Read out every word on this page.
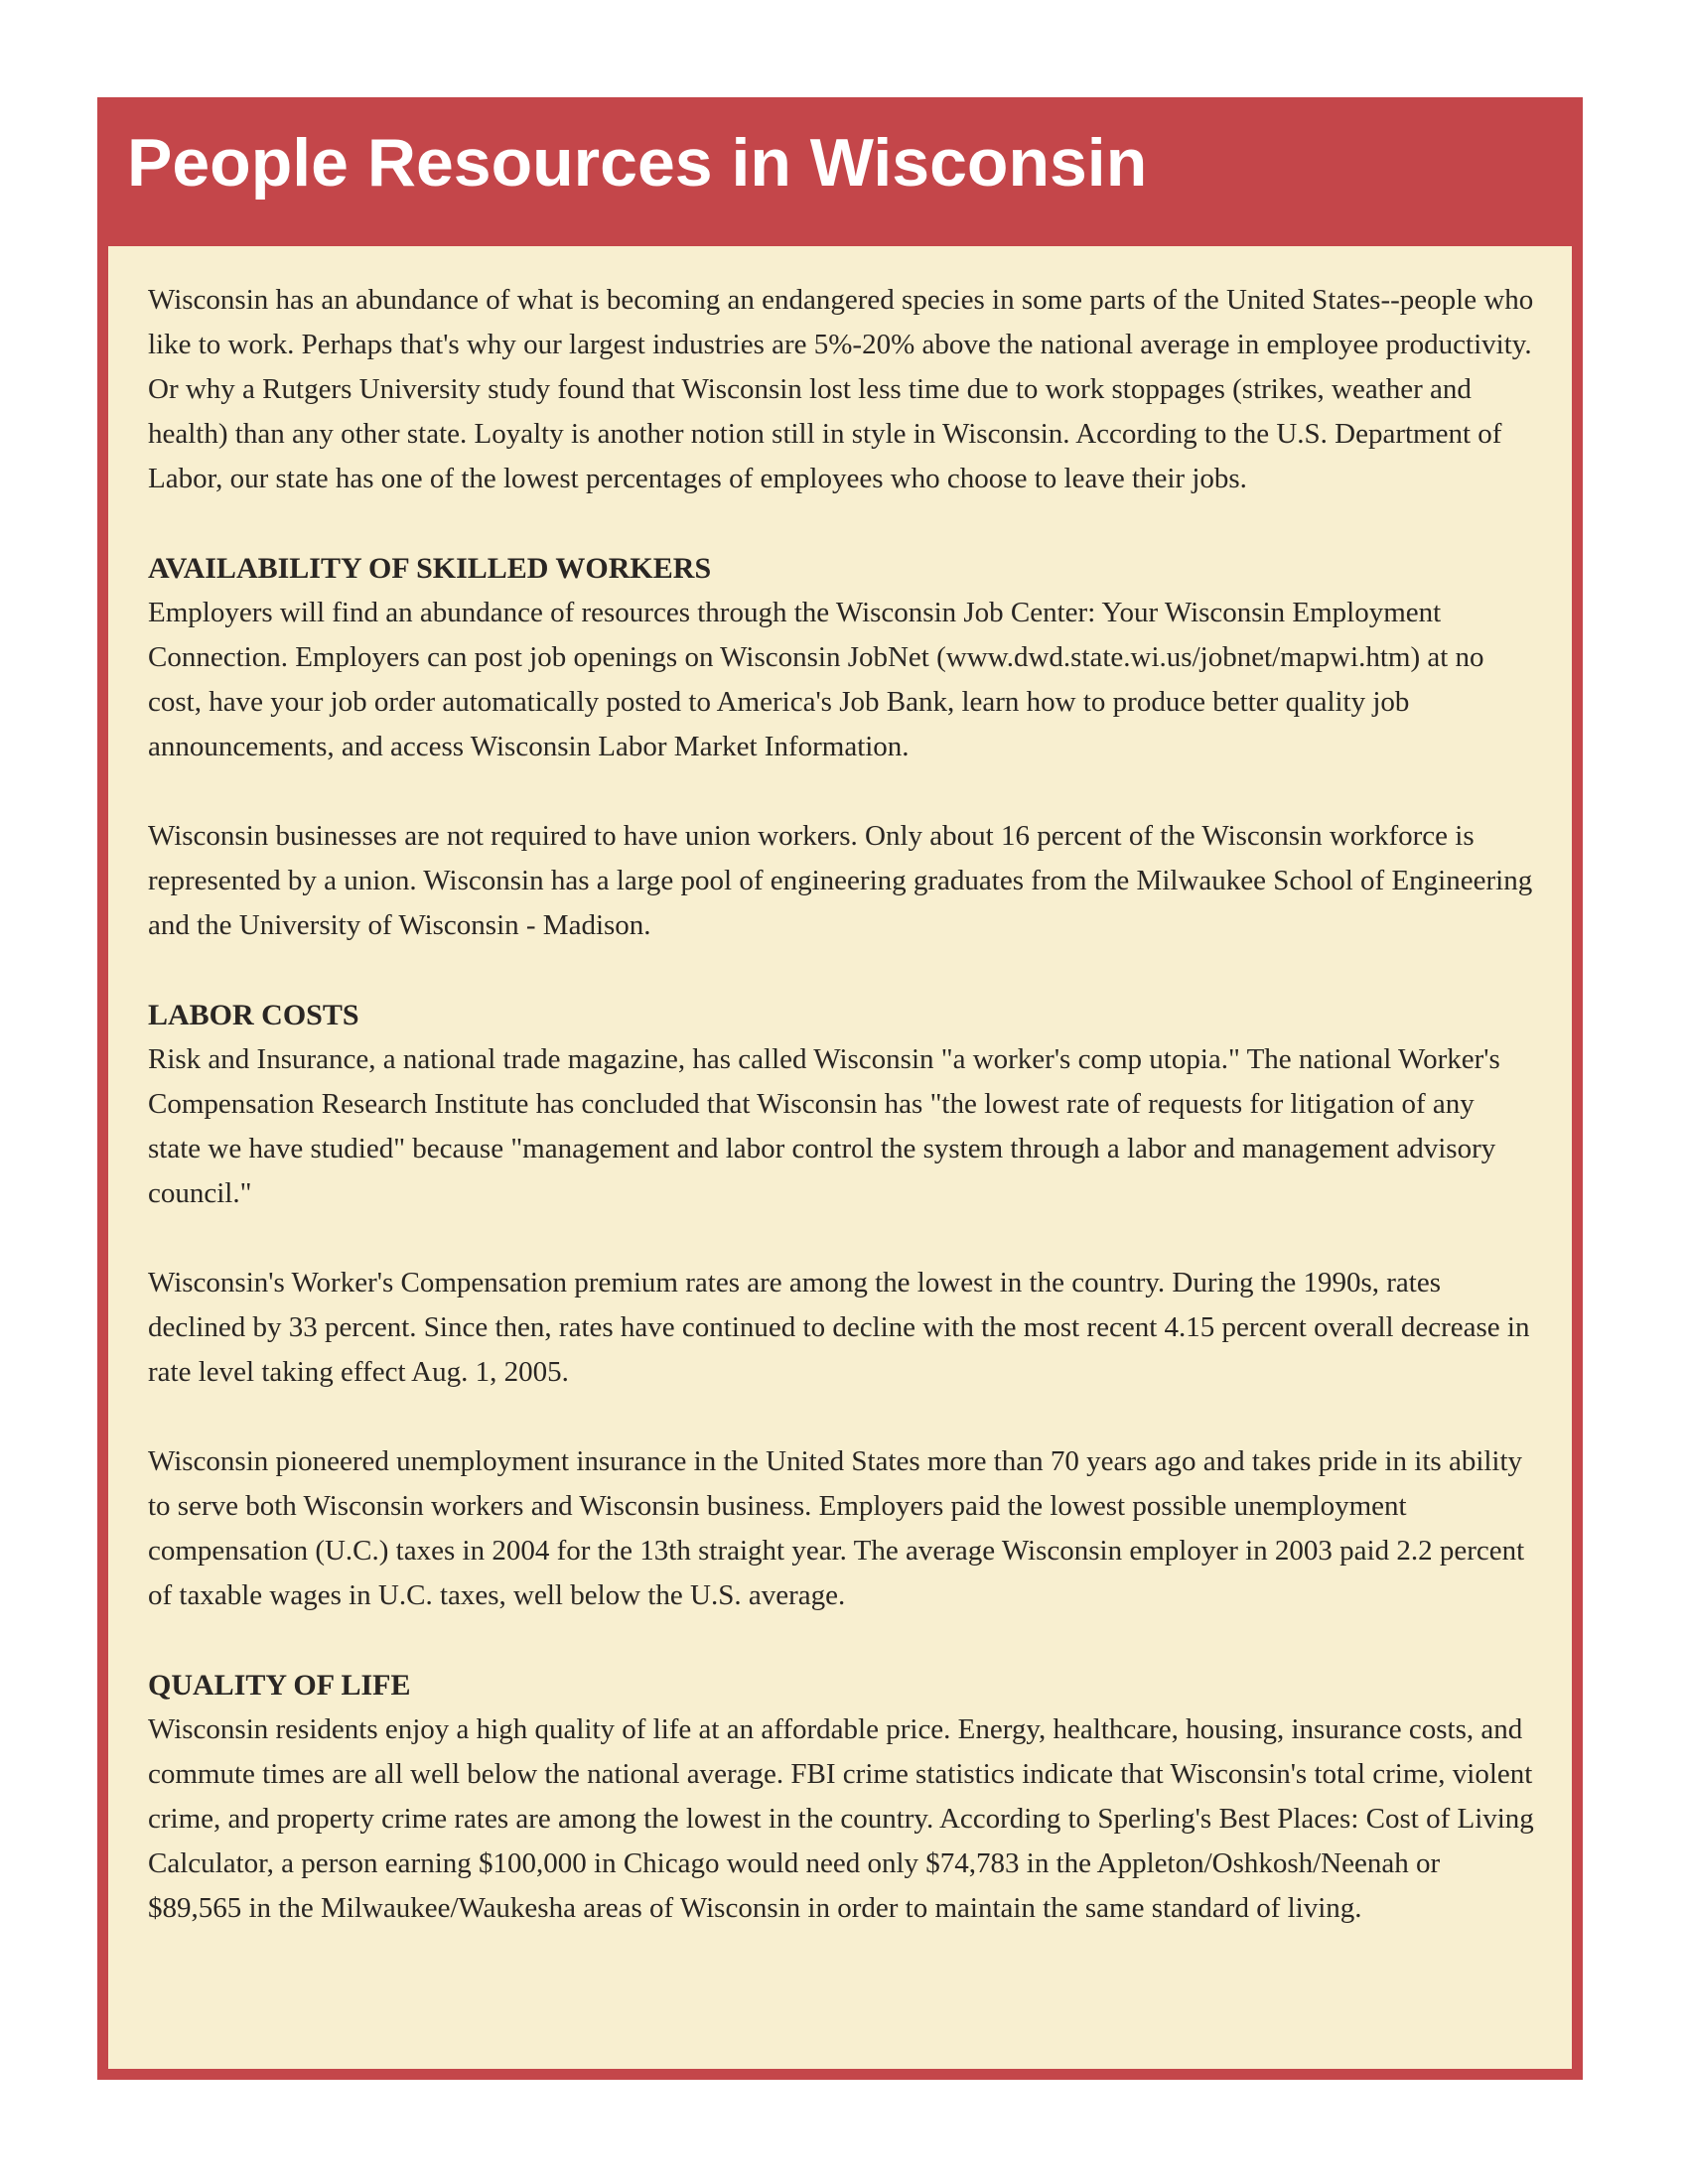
People Resources in Wisconsin

Wisconsin has an abundance of what is becoming an endangered species in some parts of the United States--people who like to work. Perhaps that's why our largest industries are 5%-20% above the national average in employee productivity. Or why a Rutgers University study found that Wisconsin lost less time due to work stoppages (strikes, weather and health) than any other state. Loyalty is another notion still in style in Wisconsin. According to the U.S. Department of Labor, our state has one of the lowest percentages of employees who choose to leave their jobs.

AVAILABILITY OF SKILLED WORKERS

Employers will find an abundance of resources through the Wisconsin Job Center: Your Wisconsin Employment Connection. Employers can post job openings on Wisconsin JobNet (www.dwd.state.wi.us/jobnet/mapwi.htm) at no cost, have your job order automatically posted to America's Job Bank, learn how to produce better quality job announcements, and access Wisconsin Labor Market Information.

Wisconsin businesses are not required to have union workers. Only about 16 percent of the Wisconsin workforce is represented by a union. Wisconsin has a large pool of engineering graduates from the Milwaukee School of Engineering and the University of Wisconsin - Madison.

LABOR COSTS

Risk and Insurance, a national trade magazine, has called Wisconsin "a worker's comp utopia." The national Worker's Compensation Research Institute has concluded that Wisconsin has "the lowest rate of requests for litigation of any state we have studied" because "management and labor control the system through a labor and management advisory council."

Wisconsin's Worker's Compensation premium rates are among the lowest in the country. During the 1990s, rates declined by 33 percent. Since then, rates have continued to decline with the most recent 4.15 percent overall decrease in rate level taking effect Aug. 1, 2005.

Wisconsin pioneered unemployment insurance in the United States more than 70 years ago and takes pride in its ability to serve both Wisconsin workers and Wisconsin business. Employers paid the lowest possible unemployment compensation (U.C.) taxes in 2004 for the 13th straight year. The average Wisconsin employer in 2003 paid 2.2 percent of taxable wages in U.C. taxes, well below the U.S. average.

QUALITY OF LIFE

Wisconsin residents enjoy a high quality of life at an affordable price. Energy, healthcare, housing, insurance costs, and commute times are all well below the national average. FBI crime statistics indicate that Wisconsin's total crime, violent crime, and property crime rates are among the lowest in the country. According to Sperling's Best Places: Cost of Living Calculator, a person earning $100,000 in Chicago would need only $74,783 in the Appleton/Oshkosh/Neenah or $89,565 in the Milwaukee/Waukesha areas of Wisconsin in order to maintain the same standard of living.
